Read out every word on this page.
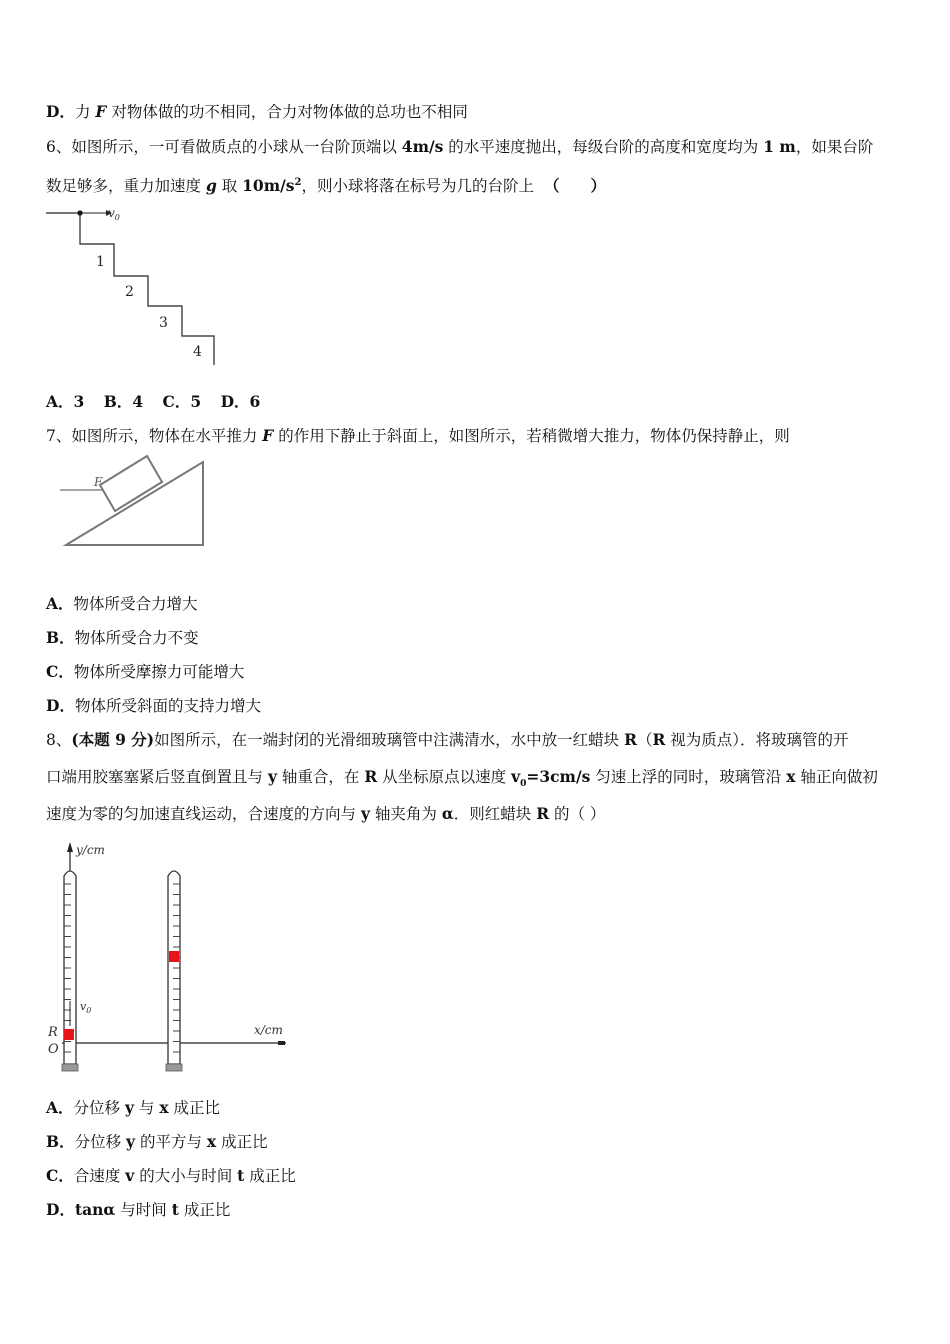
D．力 F 对物体做的功不相同，合力对物体做的总功也不相同
6、如图所示，一可看做质点的小球从一台阶顶端以 4m/s 的水平速度抛出，每级台阶的高度和宽度均为 1 m，如果台阶
数足够多，重力加速度 g 取 $10m/s^2$，则小球将落在标号为几的台阶上 （　　）
$v_0$
1
2
3
4
A．3 B．4 C．5 D．6
7、如图所示，物体在水平推力 F 的作用下静止于斜面上，如图所示，若稍微增大推力，物体仍保持静止，则
F
A．物体所受合力增大
B．物体所受合力不变
C．物体所受摩擦力可能增大
D．物体所受斜面的支持力增大
8、(本题 9 分)如图所示，在一端封闭的光滑细玻璃管中注满清水，水中放一红蜡块 R（R 视为质点）．将玻璃管的开
口端用胶塞塞紧后竖直倒置且与 y 轴重合，在 R 从坐标原点以速度 $v_0=3cm/s$ 匀速上浮的同时，玻璃管沿 x 轴正向做初
速度为零的匀加速直线运动，合速度的方向与 y 轴夹角为 α．则红蜡块 R 的（ ）
y/cm
x/cm
$v_0$
R
O
A．分位移 y 与 x 成正比
B．分位移 y 的平方与 x 成正比
C．合速度 v 的大小与时间 t 成正比
D．tanα 与时间 t 成正比
